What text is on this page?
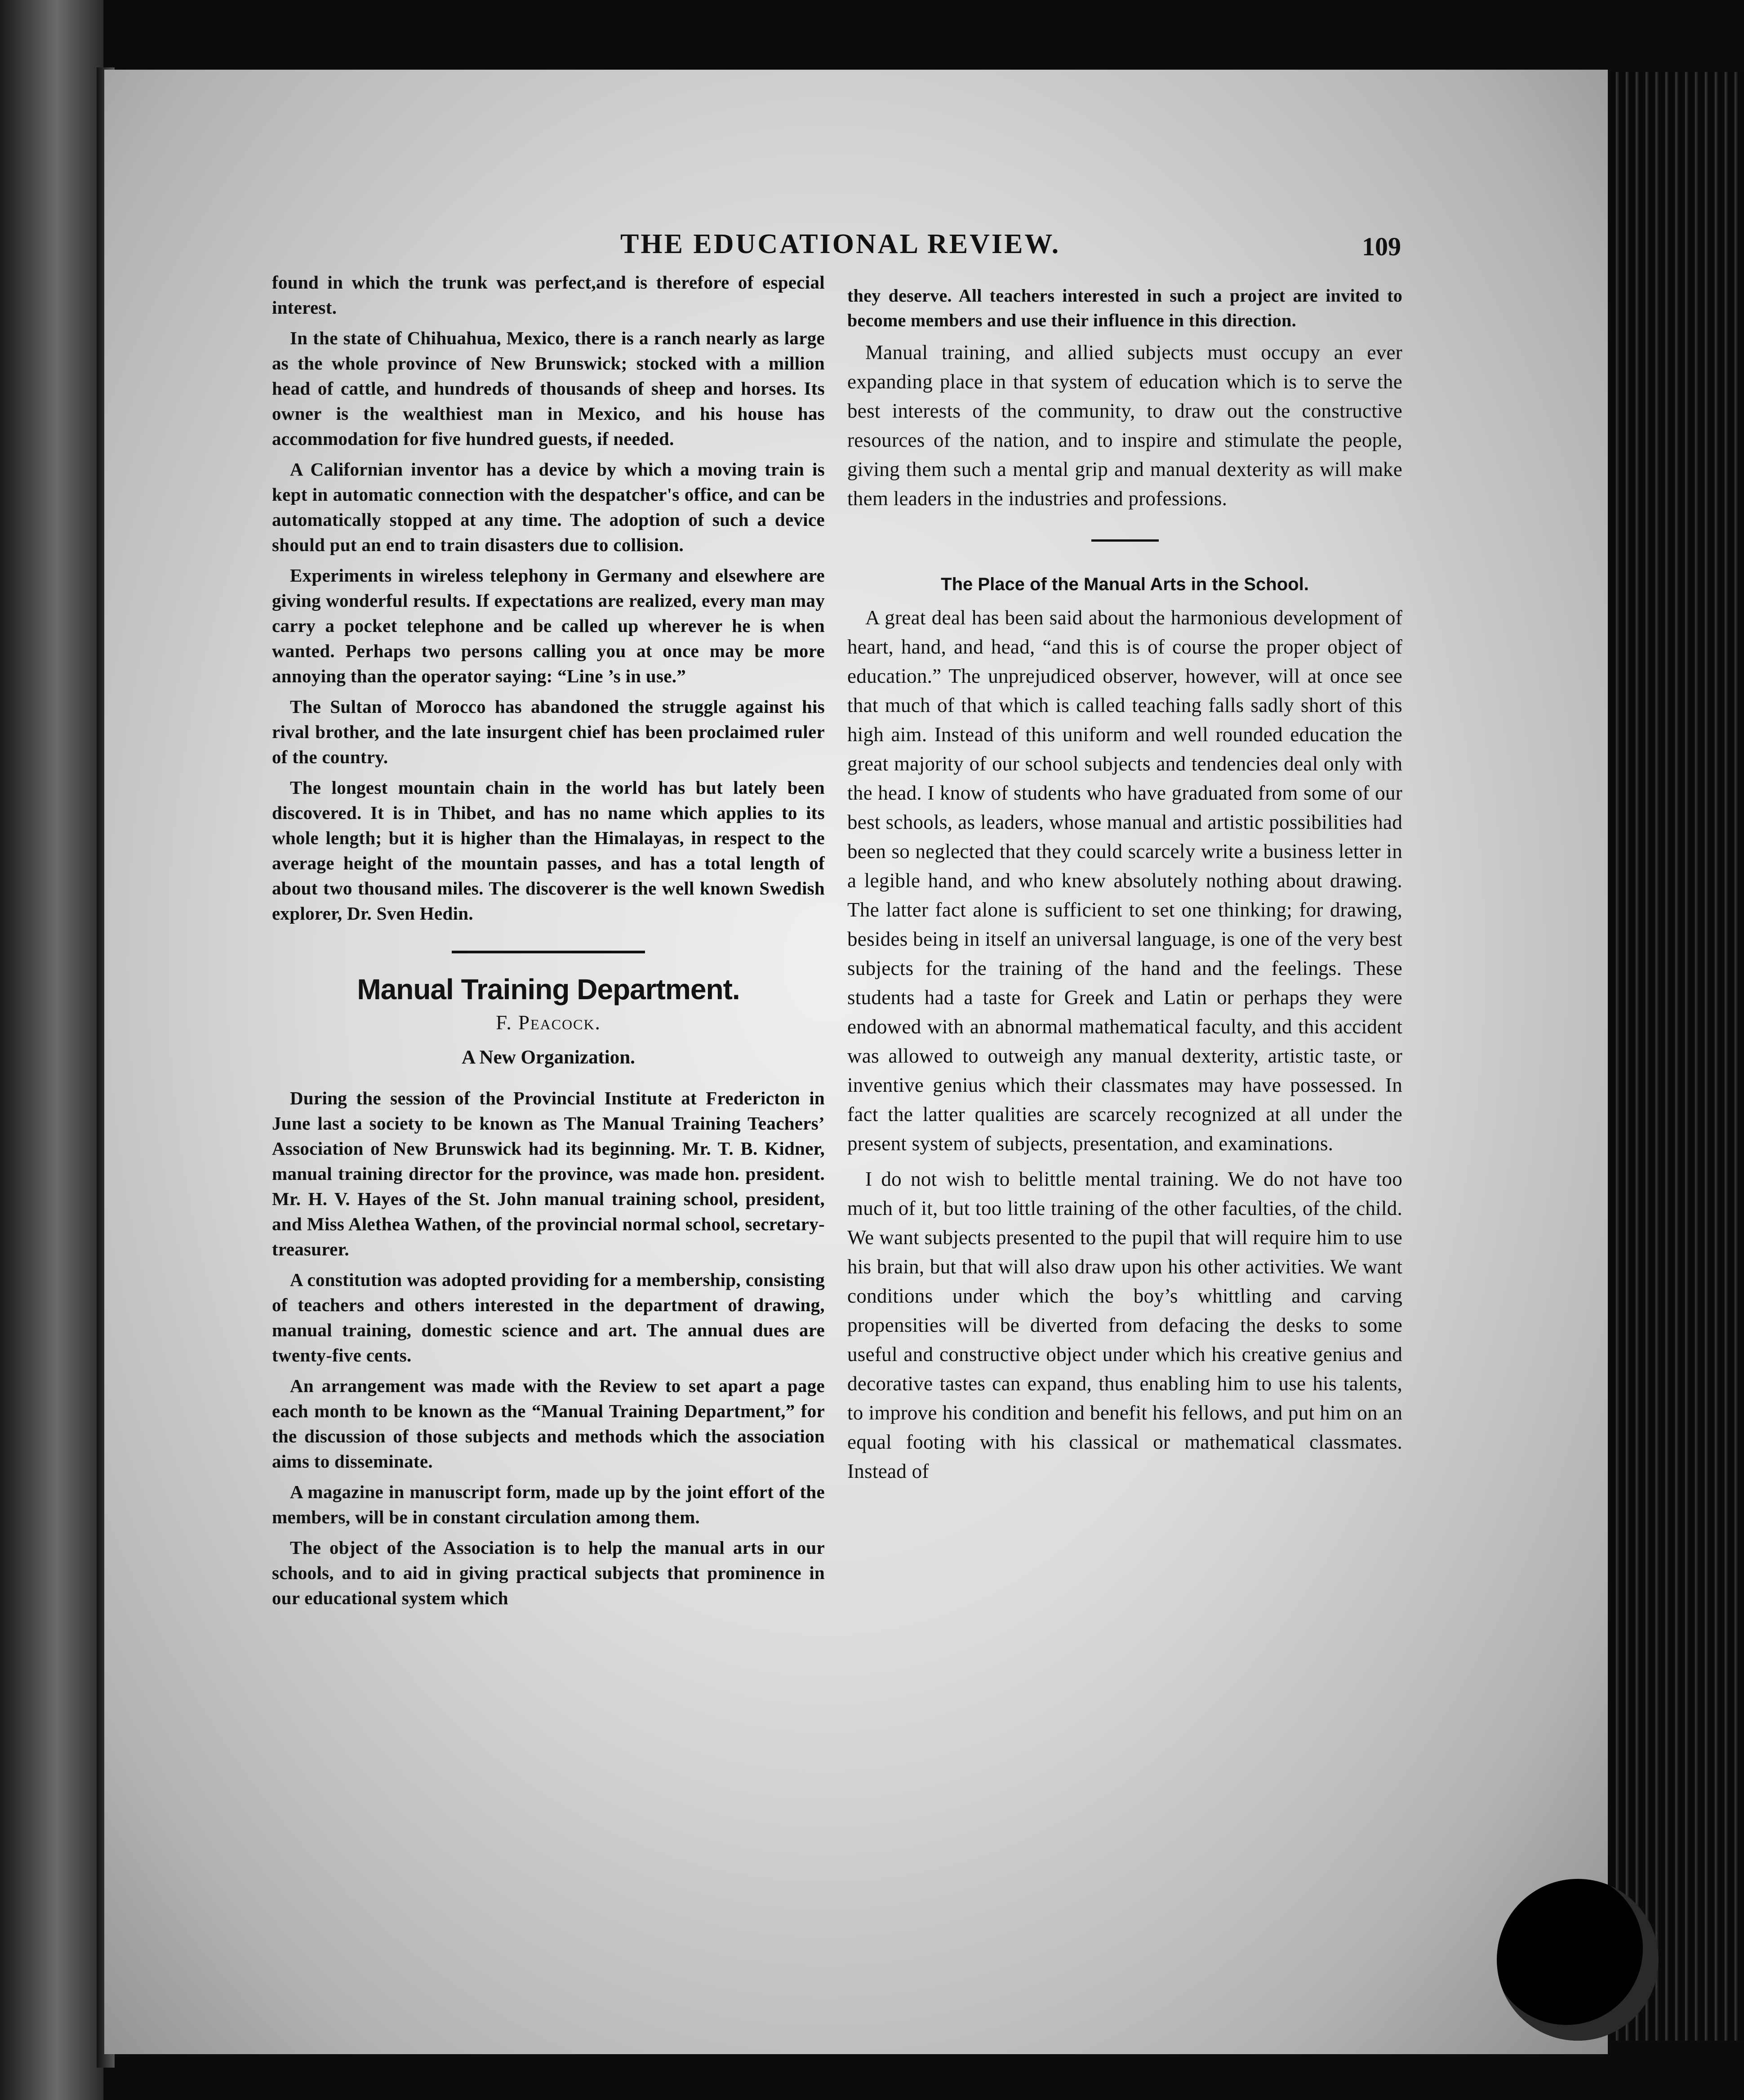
THE EDUCATIONAL REVIEW.	109

found in which the trunk was perfect,and is therefore of especial interest.

In the state of Chihuahua, Mexico, there is a ranch nearly as large as the whole province of New Brunswick; stocked with a million head of cattle, and hundreds of thousands of sheep and horses. Its owner is the wealthiest man in Mexico, and his house has accommodation for five hundred guests, if needed.

A Californian inventor has a device by which a moving train is kept in automatic connection with the despatcher's office, and can be automatically stopped at any time. The adoption of such a device should put an end to train disasters due to collision.

Experiments in wireless telephony in Germany and elsewhere are giving wonderful results. If expectations are realized, every man may carry a pocket telephone and be called up wherever he is when wanted. Perhaps two persons calling you at once may be more annoying than the operator saying: “Line ’s in use.”

The Sultan of Morocco has abandoned the struggle against his rival brother, and the late insurgent chief has been proclaimed ruler of the country.

The longest mountain chain in the world has but lately been discovered. It is in Thibet, and has no name which applies to its whole length; but it is higher than the Himalayas, in respect to the average height of the mountain passes, and has a total length of about two thousand miles. The discoverer is the well known Swedish explorer, Dr. Sven Hedin.

Manual Training Department.
F. Peacock.
A New Organization.

During the session of the Provincial Institute at Fredericton in June last a society to be known as The Manual Training Teachers’ Association of New Brunswick had its beginning. Mr. T. B. Kidner, manual training director for the province, was made hon. president. Mr. H. V. Hayes of the St. John manual training school, president, and Miss Alethea Wathen, of the provincial normal school, secretary-treasurer.

A constitution was adopted providing for a membership, consisting of teachers and others interested in the department of drawing, manual training, domestic science and art. The annual dues are twenty-five cents.

An arrangement was made with the Review to set apart a page each month to be known as the “Manual Training Department,” for the discussion of those subjects and methods which the association aims to disseminate.

A magazine in manuscript form, made up by the joint effort of the members, will be in constant circulation among them.

The object of the Association is to help the manual arts in our schools, and to aid in giving practical subjects that prominence in our educational system which

they deserve. All teachers interested in such a project are invited to become members and use their influence in this direction.

Manual training, and allied subjects must occupy an ever expanding place in that system of education which is to serve the best interests of the community, to draw out the constructive resources of the nation, and to inspire and stimulate the people, giving them such a mental grip and manual dexterity as will make them leaders in the industries and professions.

The Place of the Manual Arts in the School.

A great deal has been said about the harmonious development of heart, hand, and head, “and this is of course the proper object of education.” The unprejudiced observer, however, will at once see that much of that which is called teaching falls sadly short of this high aim. Instead of this uniform and well rounded education the great majority of our school subjects and tendencies deal only with the head. I know of students who have graduated from some of our best schools, as leaders, whose manual and artistic possibilities had been so neglected that they could scarcely write a business letter in a legible hand, and who knew absolutely nothing about drawing. The latter fact alone is sufficient to set one thinking; for drawing, besides being in itself an universal language, is one of the very best subjects for the training of the hand and the feelings. These students had a taste for Greek and Latin or perhaps they were endowed with an abnormal mathematical faculty, and this accident was allowed to outweigh any manual dexterity, artistic taste, or inventive genius which their classmates may have possessed. In fact the latter qualities are scarcely recognized at all under the present system of subjects, presentation, and examinations.

I do not wish to belittle mental training. We do not have too much of it, but too little training of the other faculties, of the child. We want subjects presented to the pupil that will require him to use his brain, but that will also draw upon his other activities. We want conditions under which the boy’s whittling and carving propensities will be diverted from defacing the desks to some useful and constructive object under which his creative genius and decorative tastes can expand, thus enabling him to use his talents, to improve his condition and benefit his fellows, and put him on an equal footing with his classical or mathematical classmates. Instead of
